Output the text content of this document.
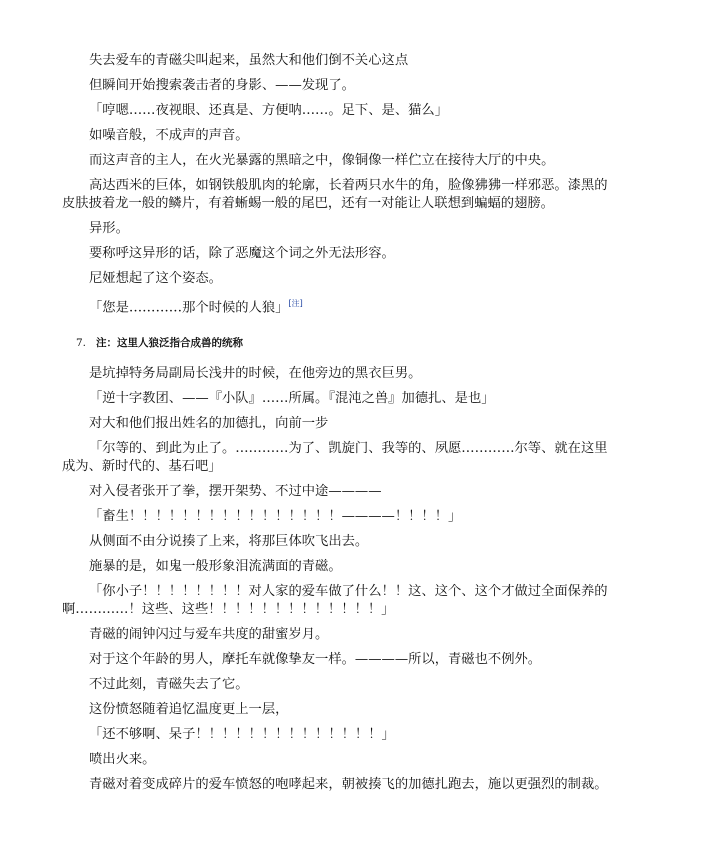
失去爱车的青磁尖叫起来，虽然大和他们倒不关心这点

但瞬间开始搜索袭击者的身影、——发现了。

「哼嗯……夜视眼、还真是、方便呐……。足下、是、猫么」

如噪音般，不成声的声音。

而这声音的主人，在火光暴露的黑暗之中，像铜像一样伫立在接待大厅的中央。

高达西米的巨体，如钢铁般肌肉的轮廓，长着两只水牛的角，脸像狒狒一样邪恶。漆黑的皮肤披着龙一般的鳞片，有着蜥蜴一般的尾巴，还有一对能让人联想到蝙蝠的翅膀。

异形。

要称呼这异形的话，除了恶魔这个词之外无法形容。

尼娅想起了这个姿态。

「您是…………那个时候的人狼」[注]

7. 注：这里人狼泛指合成兽的统称

是坑掉特务局副局长浅井的时候，在他旁边的黑衣巨男。

「逆十字教团、——『小队』……所属。『混沌之兽』加德扎、是也」

对大和他们报出姓名的加德扎，向前一步

「尔等的、到此为止了。…………为了、凯旋门、我等的、夙愿…………尔等、就在这里成为、新时代的、基石吧」

对入侵者张开了拳，摆开架势、不过中途————

「畜生！！！！！！！！！！！！！！！！————！！！！」

从侧面不由分说揍了上来，将那巨体吹飞出去。

施暴的是，如鬼一般形象泪流满面的青磁。

「你小子！！！！！！！！对人家的爱车做了什么！！这、这个、这个才做过全面保养的啊…………！这些、这些！！！！！！！！！！！！！」

青磁的闹钟闪过与爱车共度的甜蜜岁月。

对于这个年龄的男人，摩托车就像挚友一样。————所以，青磁也不例外。

不过此刻，青磁失去了它。

这份愤怒随着追忆温度更上一层，

「还不够啊、呆子！！！！！！！！！！！！！！」

喷出火来。

青磁对着变成碎片的爱车愤怒的咆哮起来，朝被揍飞的加德扎跑去，施以更强烈的制裁。
